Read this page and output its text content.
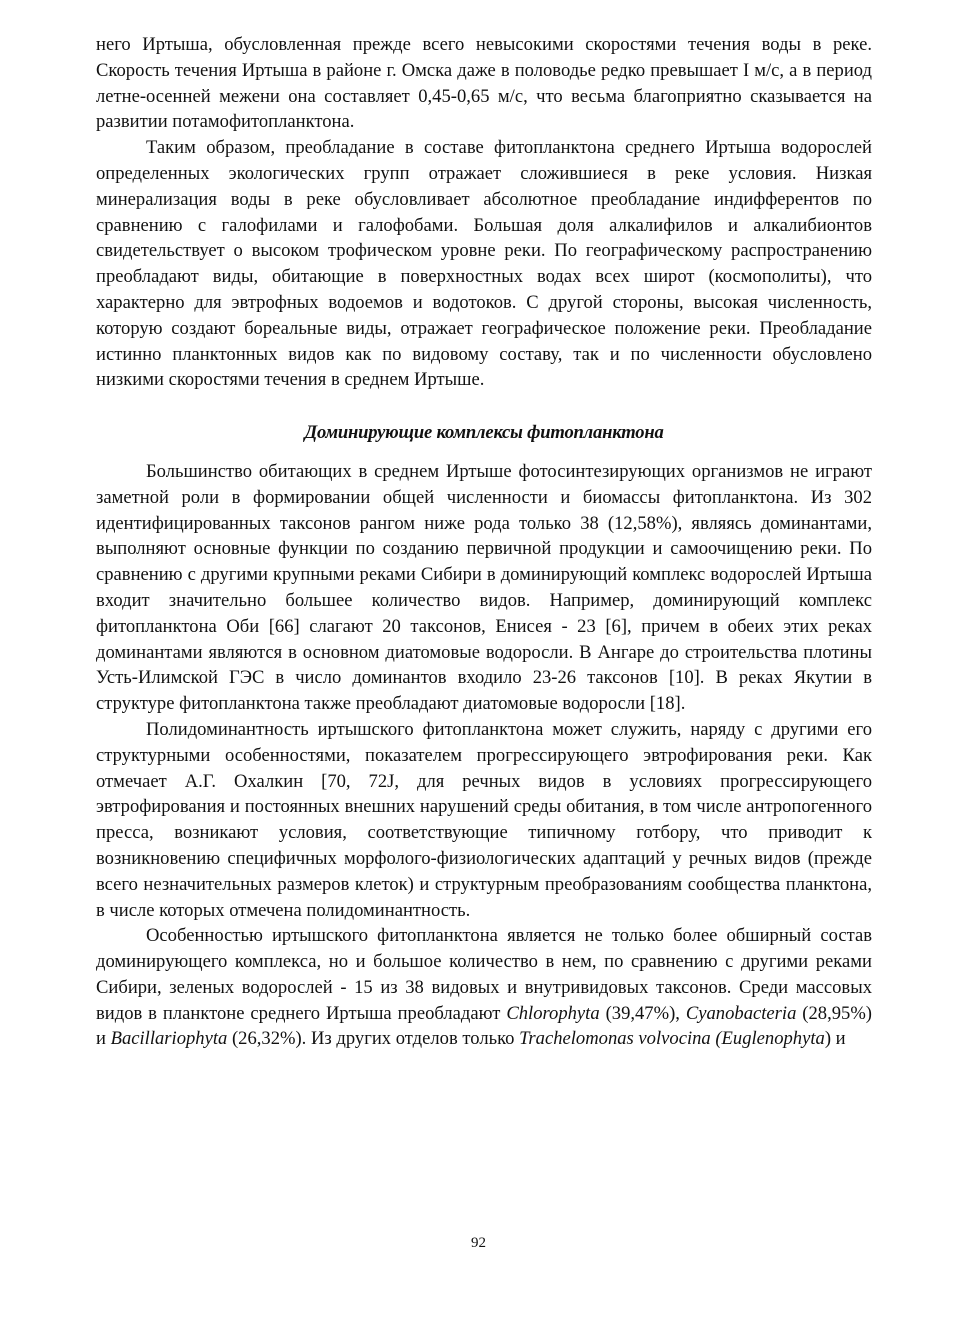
него Иртыша, обусловленная прежде всего невысокими скоростями течения воды в реке. Скорость течения Иртыша в районе г. Омска даже в половодье редко превышает I м/с, а в период летне-осенней межени она составляет 0,45-0,65 м/с, что весьма благоприятно сказывается на развитии потамофитопланктона.

Таким образом, преобладание в составе фитопланктона среднего Иртыша водорослей определенных экологических групп отражает сложившиеся в реке условия. Низкая минерализация воды в реке обусловливает абсолютное преобладание индифферентов по сравнению с галофилами и галофобами. Большая доля алкалифилов и алкалибионтов свидетельствует о высоком трофическом уровне реки. По географическому распространению преобладают виды, обитающие в поверхностных водах всех широт (космополиты), что характерно для эвтрофных водоемов и водотоков. С другой стороны, высокая численность, которую создают бореальные виды, отражает географическое положение реки. Преобладание истинно планктонных видов как по видовому составу, так и по численности обусловлено низкими скоростями течения в среднем Иртыше.

Доминирующие комплексы фитопланктона

Большинство обитающих в среднем Иртыше фотосинтезирующих организмов не играют заметной роли в формировании общей численности и биомассы фитопланктона. Из 302 идентифицированных таксонов рангом ниже рода только 38 (12,58%), являясь доминантами, выполняют основные функции по созданию первичной продукции и самоочищению реки. По сравнению с другими крупными реками Сибири в доминирующий комплекс водорослей Иртыша входит значительно большее количество видов. Например, доминирующий комплекс фитопланктона Оби [66] слагают 20 таксонов, Енисея - 23 [6], причем в обеих этих реках доминантами являются в основном диатомовые водоросли. В Ангаре до строительства плотины Усть-Илимской ГЭС в число доминантов входило 23-26 таксонов [10]. В реках Якутии в структуре фитопланктона также преобладают диатомовые водоросли [18].

Полидоминантность иртышского фитопланктона может служить, наряду с другими его структурными особенностями, показателем прогрессирующего эвтрофирования реки. Как отмечает А.Г. Охалкин [70, 72J, для речных видов в условиях прогрессирующего эвтрофирования и постоянных внешних нарушений среды обитания, в том числе антропогенного пресса, возникают условия, соответствующие типичному готбору, что приводит к возникновению специфичных морфолого-физиологических адаптаций у речных видов (прежде всего незначительных размеров клеток) и структурным преобразованиям сообщества планктона, в числе которых отмечена полидоминантность.

Особенностью иртышского фитопланктона является не только более обширный состав доминирующего комплекса, но и большое количество в нем, по сравнению с другими реками Сибири, зеленых водорослей - 15 из 38 видовых и внутривидовых таксонов. Среди массовых видов в планктоне среднего Иртыша преобладают Chlorophyta (39,47%), Cyanobacteria (28,95%) и Bacillariophyta (26,32%). Из других отделов только Trachelomonas volvocina (Euglenophyta) и

92
